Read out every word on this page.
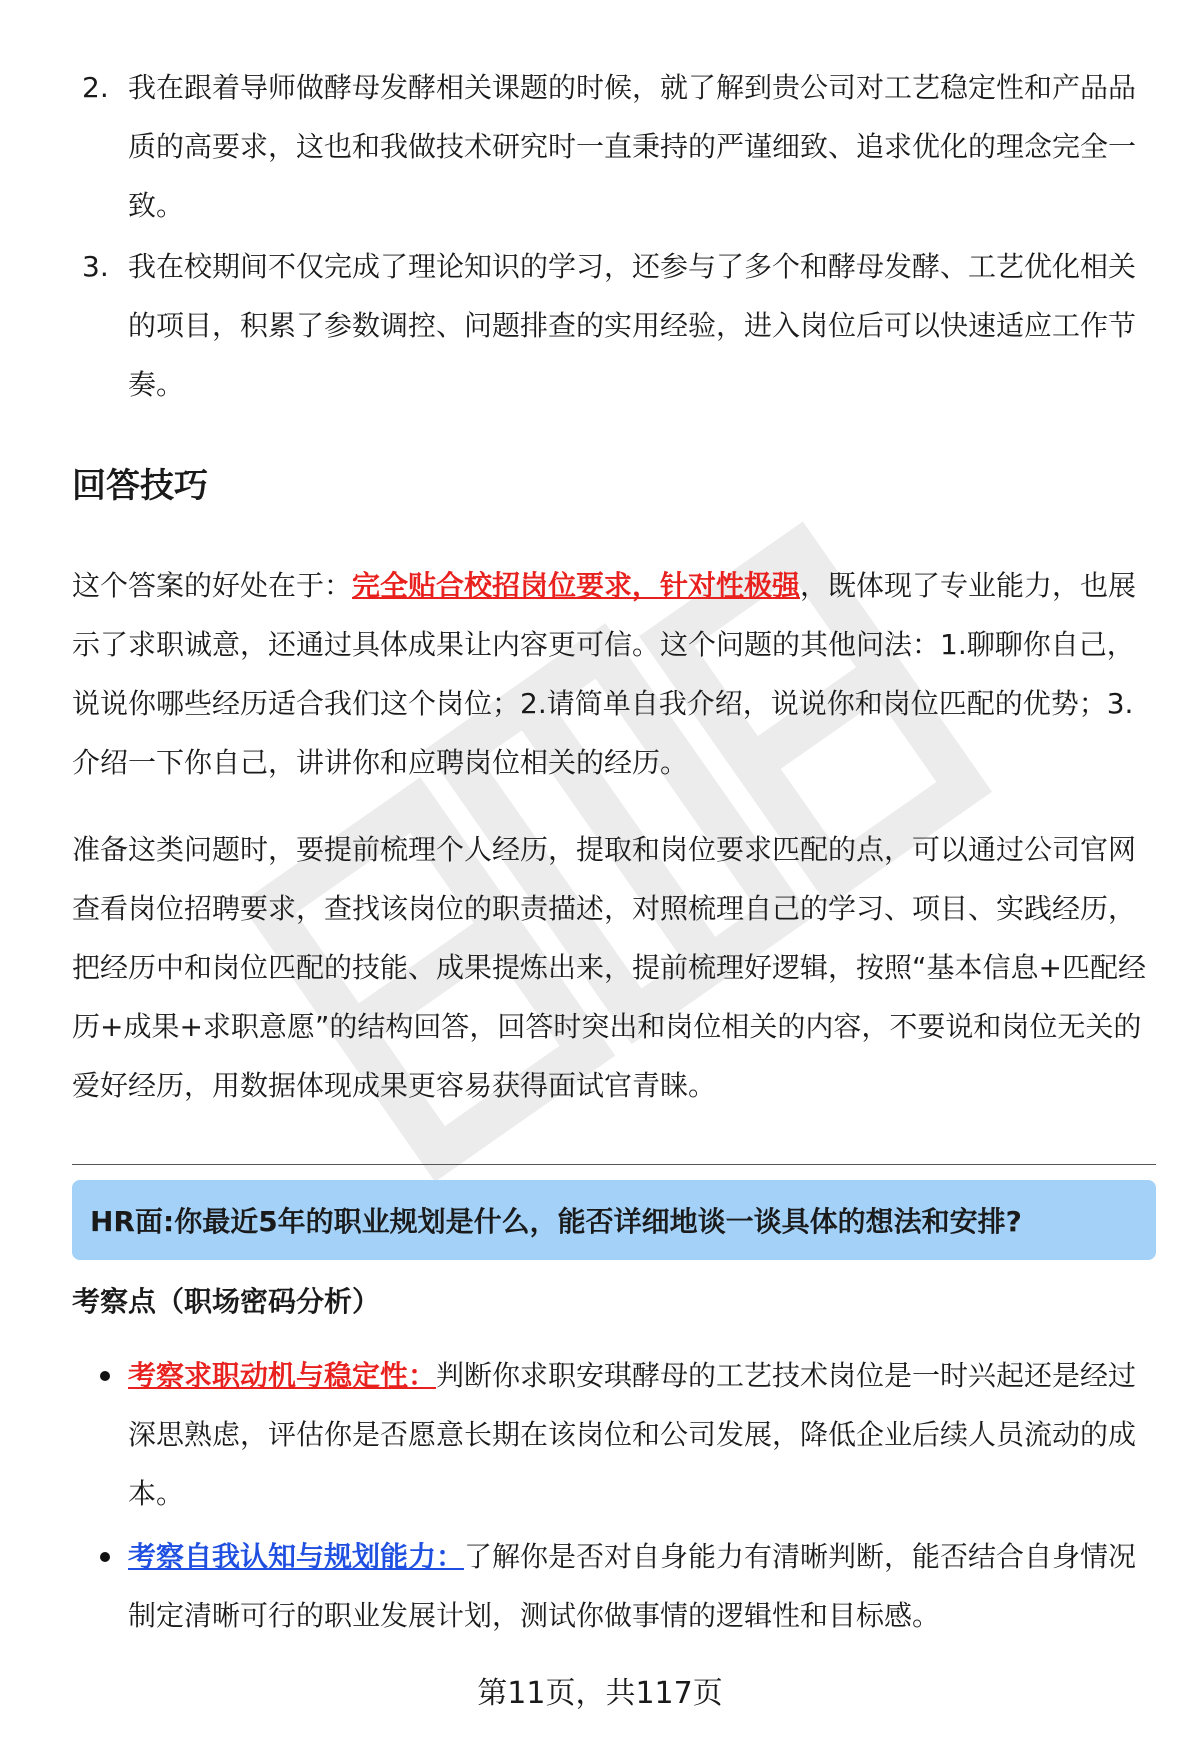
2. 我在跟着导师做酵母发酵相关课题的时候，就了解到贵公司对工艺稳定性和产品品质的高要求，这也和我做技术研究时一直秉持的严谨细致、追求优化的理念完全一致。
3. 我在校期间不仅完成了理论知识的学习，还参与了多个和酵母发酵、工艺优化相关的项目，积累了参数调控、问题排查的实用经验，进入岗位后可以快速适应工作节奏。
回答技巧

这个答案的好处在于：完全贴合校招岗位要求，针对性极强，既体现了专业能力，也展示了求职诚意，还通过具体成果让内容更可信。这个问题的其他问法：1.聊聊你自己，说说你哪些经历适合我们这个岗位；2.请简单自我介绍，说说你和岗位匹配的优势；3.介绍一下你自己，讲讲你和应聘岗位相关的经历。

准备这类问题时，要提前梳理个人经历，提取和岗位要求匹配的点，可以通过公司官网查看岗位招聘要求，查找该岗位的职责描述，对照梳理自己的学习、项目、实践经历，把经历中和岗位匹配的技能、成果提炼出来，提前梳理好逻辑，按照“基本信息+匹配经历+成果+求职意愿”的结构回答，回答时突出和岗位相关的内容，不要说和岗位无关的爱好经历，用数据体现成果更容易获得面试官青睐。

HR面:你最近5年的职业规划是什么，能否详细地谈一谈具体的想法和安排?
考察点（职场密码分析）
考察求职动机与稳定性：判断你求职安琪酵母的工艺技术岗位是一时兴起还是经过深思熟虑，评估你是否愿意长期在该岗位和公司发展，降低企业后续人员流动的成本。
考察自我认知与规划能力：了解你是否对自身能力有清晰判断，能否结合自身情况制定清晰可行的职业发展计划，测试你做事情的逻辑性和目标感。
第11页，共117页
